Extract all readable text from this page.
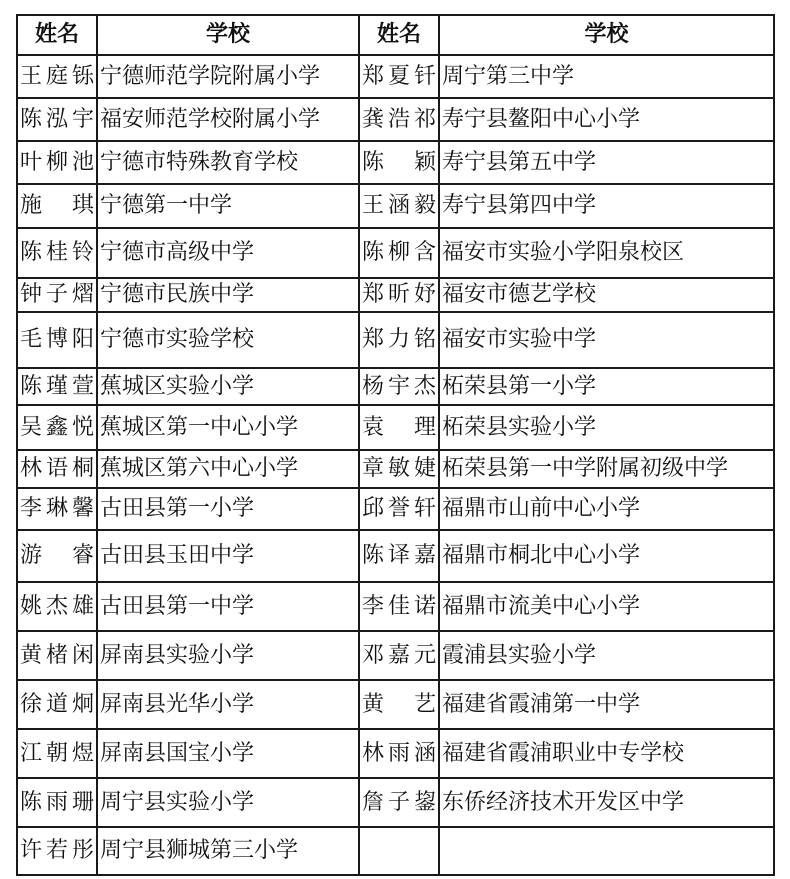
姓名	学校	姓名	学校
王庭铄	宁德师范学院附属小学	郑夏钎	周宁第三中学
陈泓宇	福安师范学校附属小学	龚浩祁	寿宁县鳌阳中心小学
叶柳池	宁德市特殊教育学校	陈 颖	寿宁县第五中学
施 琪	宁德第一中学	王涵毅	寿宁县第四中学
陈桂铃	宁德市高级中学	陈柳含	福安市实验小学阳泉校区
钟子熠	宁德市民族中学	郑昕妤	福安市德艺学校
毛博阳	宁德市实验学校	郑力铭	福安市实验中学
陈瑾萱	蕉城区实验小学	杨宇杰	柘荣县第一小学
吴鑫悦	蕉城区第一中心小学	袁 理	柘荣县实验小学
林语桐	蕉城区第六中心小学	章敏婕	柘荣县第一中学附属初级中学
李琳馨	古田县第一小学	邱誉轩	福鼎市山前中心小学
游 睿	古田县玉田中学	陈译嘉	福鼎市桐北中心小学
姚杰雄	古田县第一中学	李佳诺	福鼎市流美中心小学
黄楮闲	屏南县实验小学	邓嘉元	霞浦县实验小学
徐道炯	屏南县光华小学	黄 艺	福建省霞浦第一中学
江朝煜	屏南县国宝小学	林雨涵	福建省霞浦职业中专学校
陈雨珊	周宁县实验小学	詹子鋆	东侨经济技术开发区中学
许若彤	周宁县狮城第三小学		
